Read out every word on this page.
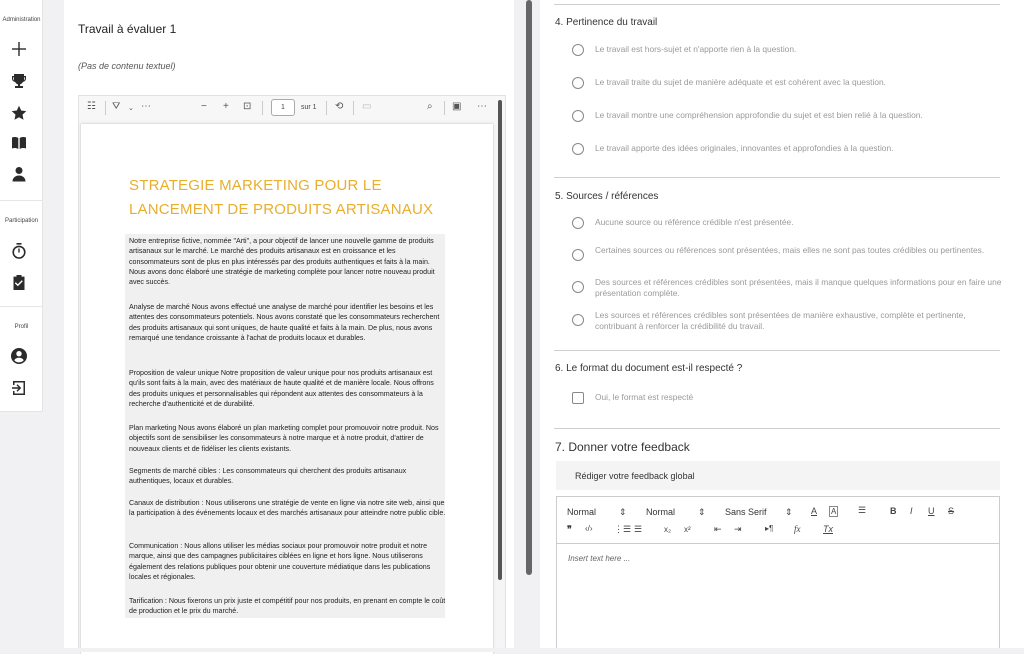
Administration
Participation
Profil
Travail à évaluer 1
(Pas de contenu textuel)
☷ ⛛ ⌄ ⋯	− + ⊡	1	sur 1 ⟲ ▭	⌕ ▣ ⋯
STRATEGIE MARKETING POUR LE
LANCEMENT DE PRODUITS ARTISANAUX
Notre entreprise fictive, nommée "Arti", a pour objectif de lancer une nouvelle gamme de produits artisanaux sur le marché. Le marché des produits artisanaux est en croissance et les consommateurs sont de plus en plus intéressés par des produits authentiques et faits à la main. Nous avons donc élaboré une stratégie de marketing complète pour lancer notre nouveau produit avec succès.
Analyse de marché Nous avons effectué une analyse de marché pour identifier les besoins et les attentes des consommateurs potentiels. Nous avons constaté que les consommateurs recherchent des produits artisanaux qui sont uniques, de haute qualité et faits à la main. De plus, nous avons remarqué une tendance croissante à l'achat de produits locaux et durables.
Proposition de valeur unique Notre proposition de valeur unique pour nos produits artisanaux est qu'ils sont faits à la main, avec des matériaux de haute qualité et de manière locale. Nous offrons des produits uniques et personnalisables qui répondent aux attentes des consommateurs à la recherche d'authenticité et de durabilité.
Plan marketing Nous avons élaboré un plan marketing complet pour promouvoir notre produit. Nos objectifs sont de sensibiliser les consommateurs à notre marque et à notre produit, d'attirer de nouveaux clients et de fidéliser les clients existants.
Segments de marché cibles : Les consommateurs qui cherchent des produits artisanaux authentiques, locaux et durables.
Canaux de distribution : Nous utiliserons une stratégie de vente en ligne via notre site web, ainsi que la participation à des événements locaux et des marchés artisanaux pour atteindre notre public cible.
Communication : Nous allons utiliser les médias sociaux pour promouvoir notre produit et notre marque, ainsi que des campagnes publicitaires ciblées en ligne et hors ligne. Nous utiliserons également des relations publiques pour obtenir une couverture médiatique dans les publications locales et régionales.
Tarification : Nous fixerons un prix juste et compétitif pour nos produits, en prenant en compte le coût de production et le prix du marché.
4. Pertinence du travail
Le travail est hors-sujet et n'apporte rien à la question.
Le travail traite du sujet de manière adéquate et est cohérent avec la question.
Le travail montre une compréhension approfondie du sujet et est bien relié à la question.
Le travail apporte des idées originales, innovantes et approfondies à la question.
5. Sources / références
Aucune source ou référence crédible n'est présentée.
Certaines sources ou références sont présentées, mais elles ne sont pas toutes crédibles ou pertinentes.
Des sources et références crédibles sont présentées, mais il manque quelques informations pour en faire une présentation complète.
Les sources et références crédibles sont présentées de manière exhaustive, complète et pertinente, contribuant à renforcer la crédibilité du travail.
6. Le format du document est-il respecté ?
Oui, le format est respecté
7. Donner votre feedback
Rédiger votre feedback global
Normal	⇕ Normal	⇕ Sans Serif ⇕ A A ☰	B I U S
❞ ‹/› ⋮☰ ☰	x₂ x²	⇤ ⇥	▸¶ fx	Tx
Insert text here ...
